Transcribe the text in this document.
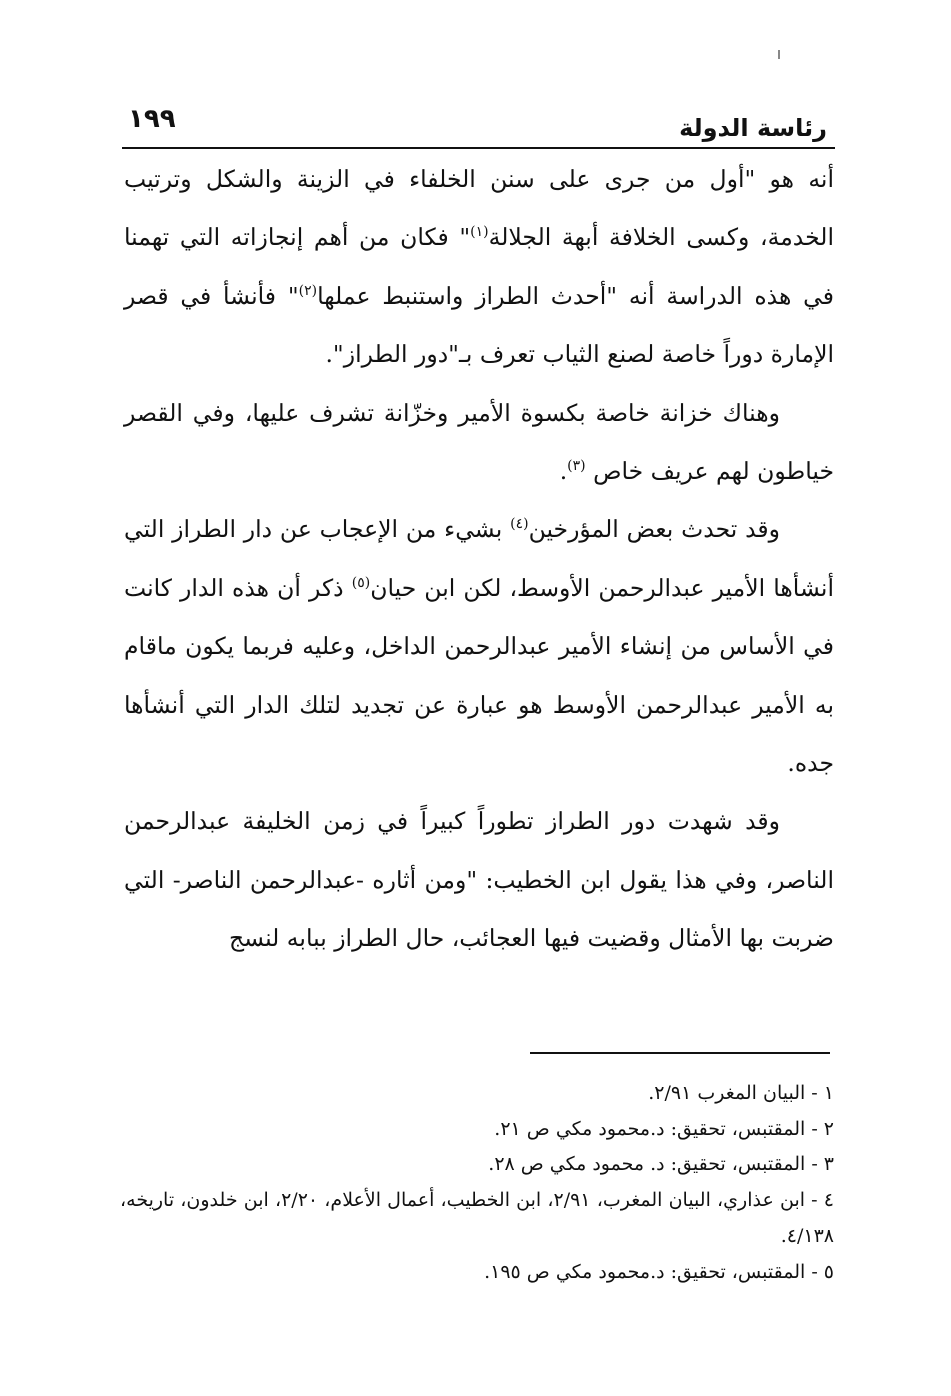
١٩٩	رئاسة الدولة

أنه هو "أول من جرى على سنن الخلفاء في الزينة والشكل وترتيب الخدمة، وكسى الخلافة أبهة الجلالة$^{(١)}$" فكان من أهم إنجازاته التي تهمنا في هذه الدراسة أنه "أحدث الطراز واستنبط عملها$^{(٢)}$" فأنشأ في قصر الإمارة دوراً خاصة لصنع الثياب تعرف بـ"دور الطراز".

وهناك خزانة خاصة بكسوة الأمير وخزّانة تشرف عليها، وفي القصر خياطون لهم عريف خاص $^{(٣)}$.

وقد تحدث بعض المؤرخين$^{(٤)}$ بشيء من الإعجاب عن دار الطراز التي أنشأها الأمير عبدالرحمن الأوسط، لكن ابن حيان$^{(٥)}$ ذكر أن هذه الدار كانت في الأساس من إنشاء الأمير عبدالرحمن الداخل، وعليه فربما يكون ماقام به الأمير عبدالرحمن الأوسط هو عبارة عن تجديد لتلك الدار التي أنشأها جده.

وقد شهدت دور الطراز تطوراً كبيراً في زمن الخليفة عبدالرحمن الناصر، وفي هذا يقول ابن الخطيب: "ومن أثاره -عبدالرحمن الناصر- التي ضربت بها الأمثال وقضيت فيها العجائب، حال الطراز ببابه لنسج

١ - البيان المغرب ٢/٩١.

٢ - المقتبس، تحقيق: د.محمود مكي ص ٢١.

٣ - المقتبس، تحقيق: د. محمود مكي ص ٢٨.

٤ - ابن عذاري، البيان المغرب، ٢/٩١، ابن الخطيب، أعمال الأعلام، ٢/٢٠، ابن خلدون، تاريخه، ٤/١٣٨.

٥ - المقتبس، تحقيق: د.محمود مكي ص ١٩٥.
